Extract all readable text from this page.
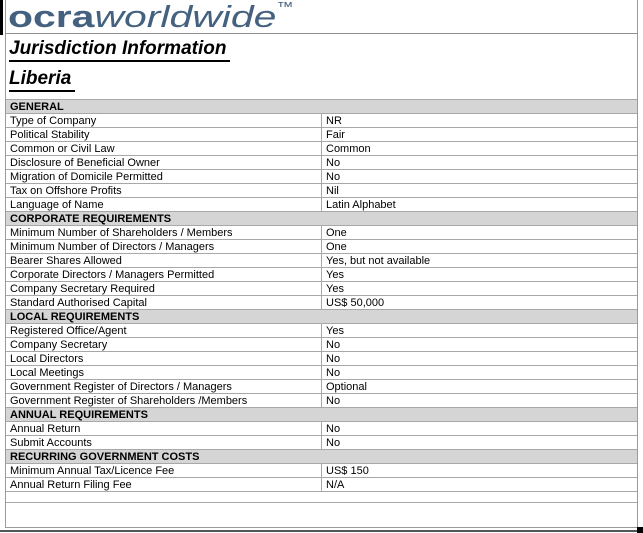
ocraworldwide™
Jurisdiction Information
Liberia
GENERAL	
Type of Company	NR
Political Stability	Fair
Common or Civil Law	Common
Disclosure of Beneficial Owner	No
Migration of Domicile Permitted	No
Tax on Offshore Profits	Nil
Language of Name	Latin Alphabet
CORPORATE REQUIREMENTS	
Minimum Number of Shareholders / Members	One
Minimum Number of Directors / Managers	One
Bearer Shares Allowed	Yes, but not available
Corporate Directors / Managers Permitted	Yes
Company Secretary Required	Yes
Standard Authorised Capital	US$ 50,000
LOCAL REQUIREMENTS	
Registered Office/Agent	Yes
Company Secretary	No
Local Directors	No
Local Meetings	No
Government Register of Directors / Managers	Optional
Government Register of Shareholders /Members	No
ANNUAL REQUIREMENTS	
Annual Return	No
Submit Accounts	No
RECURRING GOVERNMENT COSTS	
Minimum Annual Tax/Licence Fee	US$ 150
Annual Return Filing Fee	N/A
